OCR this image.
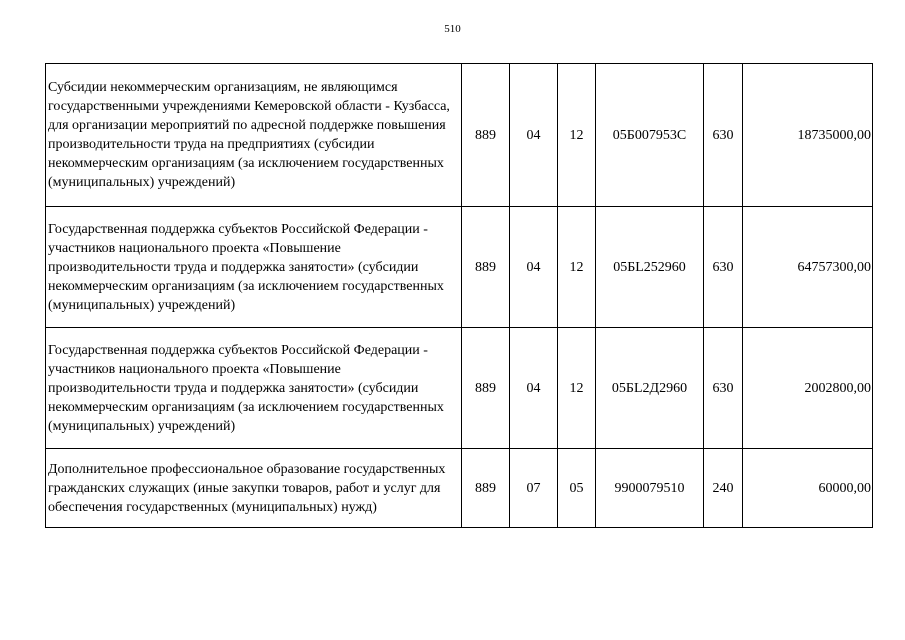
510
Субсидии некоммерческим организациям, не являющимся государственными учреждениями Кемеровской области - Кузбасса, для организации мероприятий по адресной поддержке повышения производительности труда на предприятиях (субсидии некоммерческим организациям (за исключением государственных (муниципальных) учреждений)	889	04	12	05Б007953С	630	18735000,00
Государственная поддержка субъектов Российской Федерации - участников национального проекта «Повышение производительности труда и поддержка занятости» (субсидии некоммерческим организациям (за исключением государственных (муниципальных) учреждений)	889	04	12	05БL252960	630	64757300,00
Государственная поддержка субъектов Российской Федерации - участников национального проекта «Повышение производительности труда и поддержка занятости» (субсидии некоммерческим организациям (за исключением государственных (муниципальных) учреждений)	889	04	12	05БL2Д2960	630	2002800,00
Дополнительное профессиональное образование государственных гражданских служащих (иные закупки товаров, работ и услуг для обеспечения государственных (муниципальных) нужд)	889	07	05	9900079510	240	60000,00
